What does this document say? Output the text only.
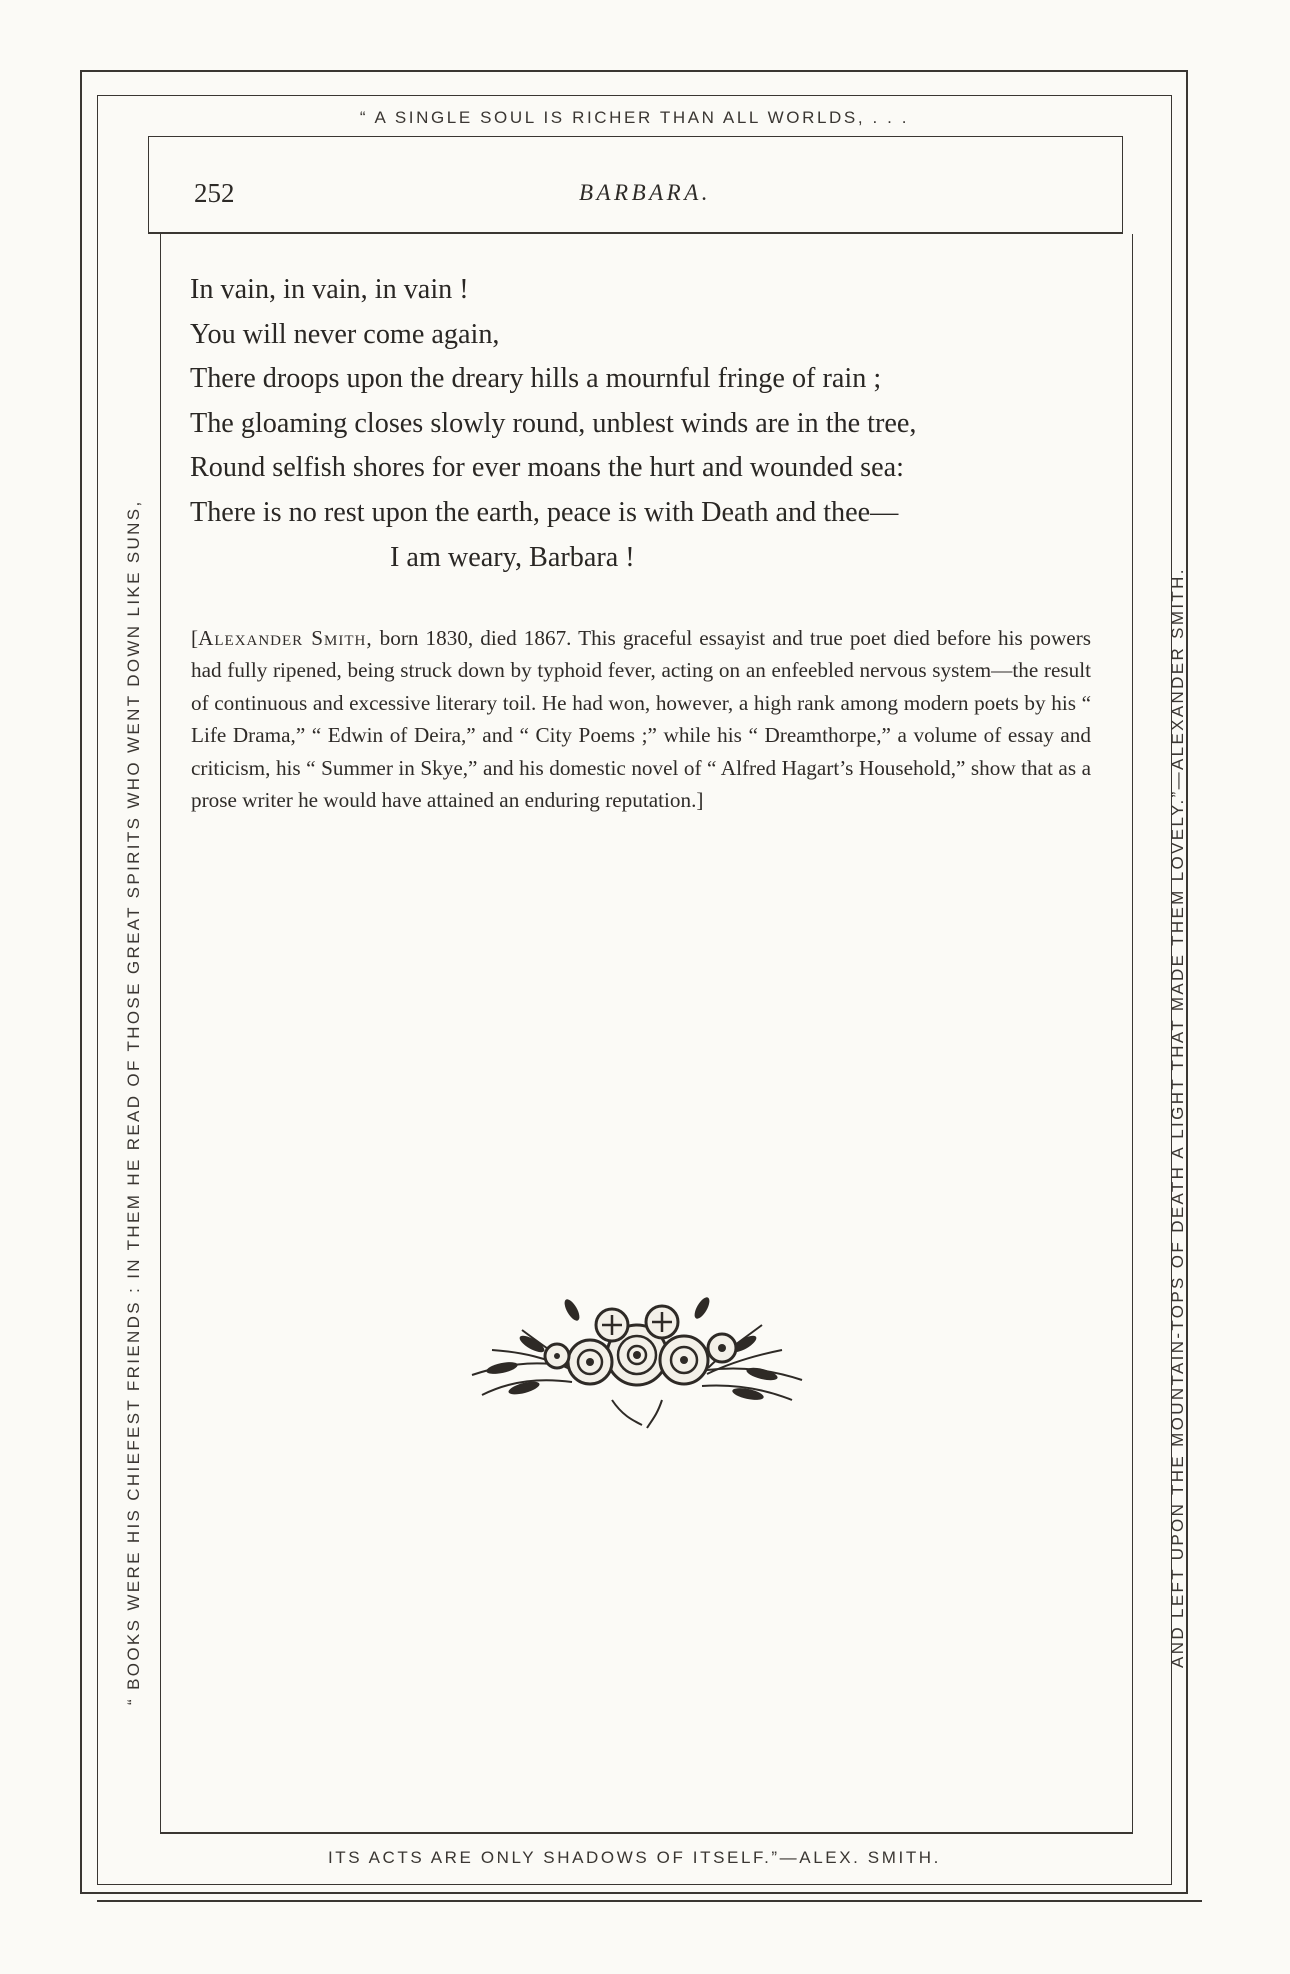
“ A SINGLE SOUL IS RICHER THAN ALL WORLDS, . . .
“ BOOKS WERE HIS CHIEFEST FRIENDS : IN THEM HE READ OF THOSE GREAT SPIRITS WHO WENT DOWN LIKE SUNS,	AND LEFT UPON THE MOUNTAIN-TOPS OF DEATH A LIGHT THAT MADE THEM LOVELY.”—ALEXANDER SMITH.
ITS ACTS ARE ONLY SHADOWS OF ITSELF.”—ALEX. SMITH.
252	BARBARA.
In vain, in vain, in vain !
You will never come again,
There droops upon the dreary hills a mournful fringe of rain ;
The gloaming closes slowly round, unblest winds are in the tree,
Round selfish shores for ever moans the hurt and wounded sea:
There is no rest upon the earth, peace is with Death and thee—
I am weary, Barbara !
[Alexander Smith, born 1830, died 1867. This graceful essayist and true poet died before his powers had fully ripened, being struck down by typhoid fever, acting on an enfeebled nervous system—the result of continuous and excessive literary toil. He had won, however, a high rank among modern poets by his “ Life Drama,” “ Edwin of Deira,” and “ City Poems ;” while his “ Dreamthorpe,” a volume of essay and criticism, his “ Summer in Skye,” and his domestic novel of “ Alfred Hagart’s Household,” show that as a prose writer he would have attained an enduring reputation.]
